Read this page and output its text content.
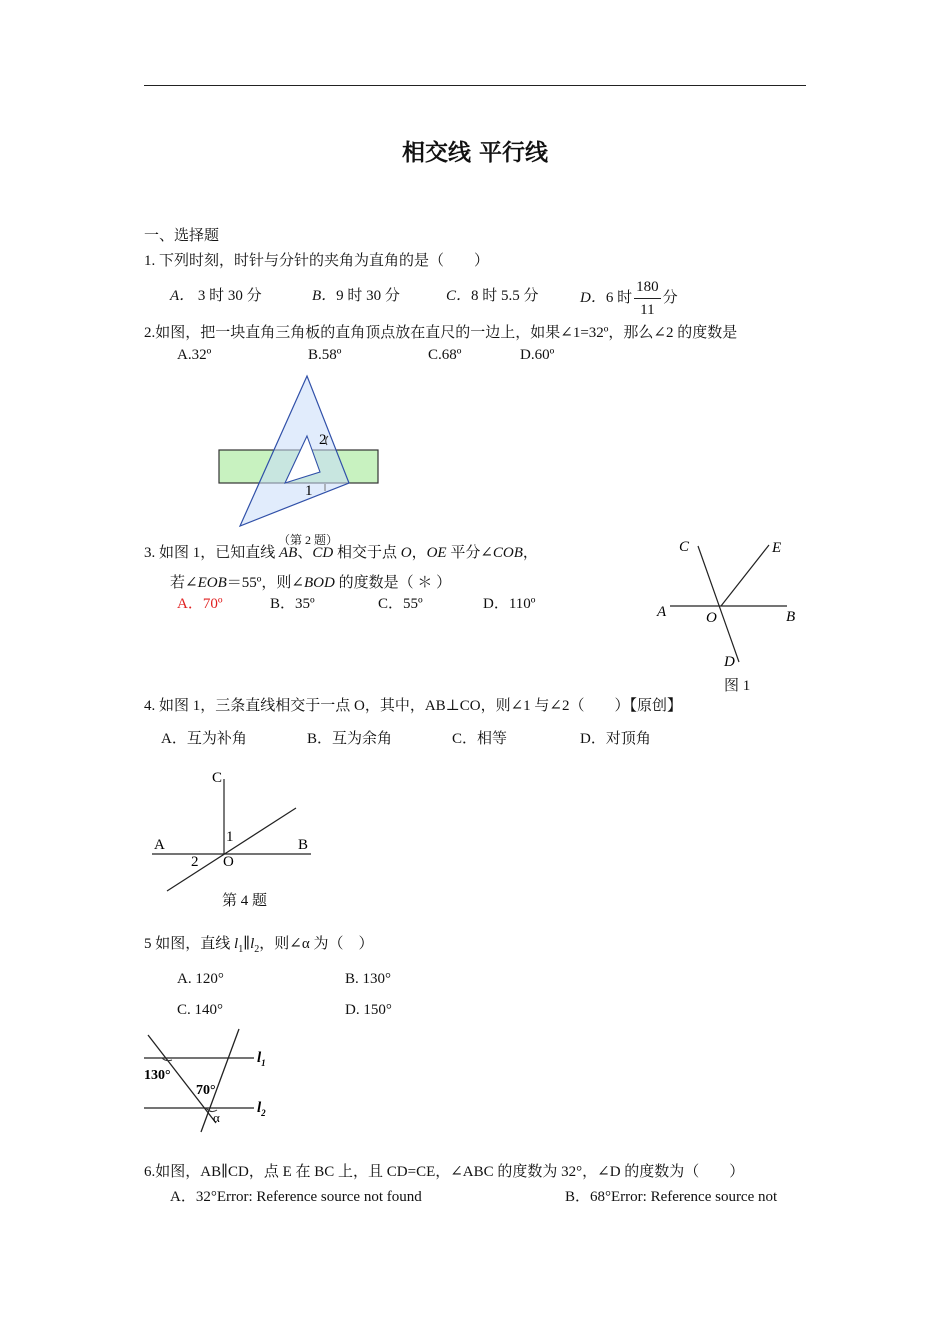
相交线 平行线
一、选择题
1. 下列时刻，时针与分针的夹角为直角的是（　　）
A． 3 时 30 分	B．9 时 30 分	C．8 时 5.5 分	D．6 时 $\frac{180}{11}$ 分
2.如图，把一块直角三角板的直角顶点放在直尺的一边上，如果∠1=32º，那么∠2 的度数是
A.32º	B.58º	C.68º	D.60º
2
1
（第 2 题）
3. 如图 1，已知直线 AB、CD 相交于点 O，OE 平分∠COB，
若∠EOB＝55º，则∠BOD 的度数是（ ＊ ）
A．70º	B．35º	C．55º	D．110º
C	E
A	O	B
D
图 1
4. 如图 1，三条直线相交于一点 O，其中，AB⊥CO，则∠1 与∠2（　　）【原创】
A．互为补角	B．互为余角	C．相等	D．对顶角
C
A	B
1
2 O
第 4 题
5 如图，直线 $l_1\parallel l_2$，则∠α 为（　）
A. 120°	B. 130°
C. 140°	D. 150°
130°
70°
α
$l_1$
$l_2$
6.如图，AB∥CD，点 E 在 BC 上，且 CD=CE，∠ABC 的度数为 32°，∠D 的度数为（　　）
A．32°Error: Reference source not found	B．68°Error: Reference source not
